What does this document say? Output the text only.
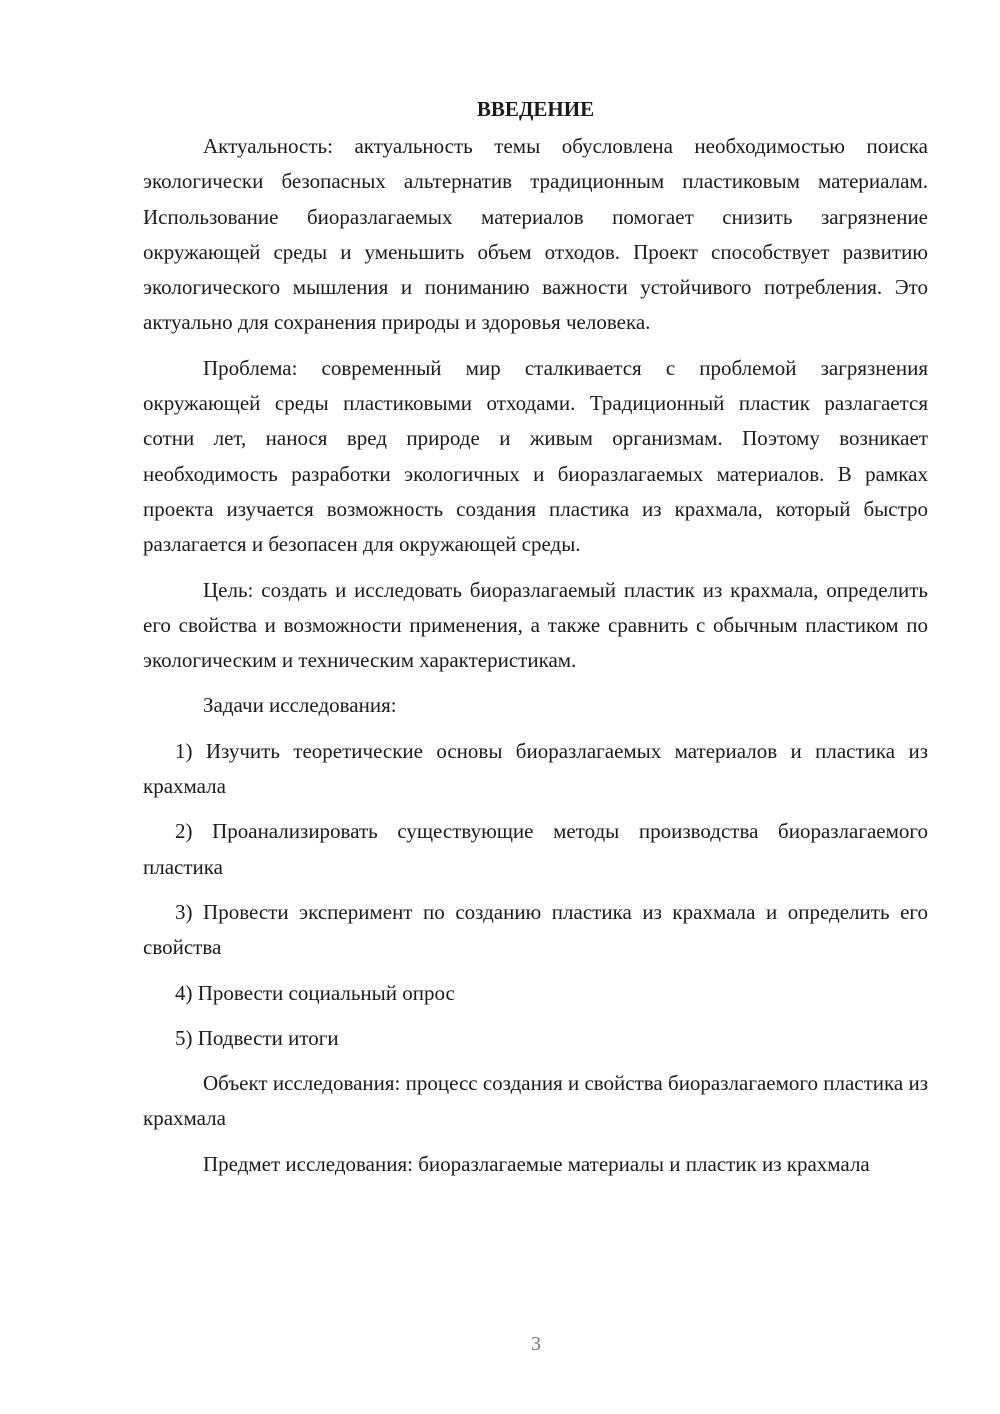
ВВЕДЕНИЕ

Актуальность: актуальность темы обусловлена необходимостью поиска экологически безопасных альтернатив традиционным пластиковым материалам. Использование биоразлагаемых материалов помогает снизить загрязнение окружающей среды и уменьшить объем отходов. Проект способствует развитию экологического мышления и пониманию важности устойчивого потребления. Это актуально для сохранения природы и здоровья человека.

Проблема: современный мир сталкивается с проблемой загрязнения окружающей среды пластиковыми отходами. Традиционный пластик разлагается сотни лет, нанося вред природе и живым организмам. Поэтому возникает необходимость разработки экологичных и биоразлагаемых материалов. В рамках проекта изучается возможность создания пластика из крахмала, который быстро разлагается и безопасен для окружающей среды.

Цель: создать и исследовать биоразлагаемый пластик из крахмала, определить его свойства и возможности применения, а также сравнить с обычным пластиком по экологическим и техническим характеристикам.

Задачи исследования:

1) Изучить теоретические основы биоразлагаемых материалов и пластика из крахмала

2) Проанализировать существующие методы производства биоразлагаемого пластика

3) Провести эксперимент по созданию пластика из крахмала и определить его свойства

4) Провести социальный опрос

5) Подвести итоги

Объект исследования: процесс создания и свойства биоразлагаемого пластика из крахмала

Предмет исследования: биоразлагаемые материалы и пластик из крахмала

3
